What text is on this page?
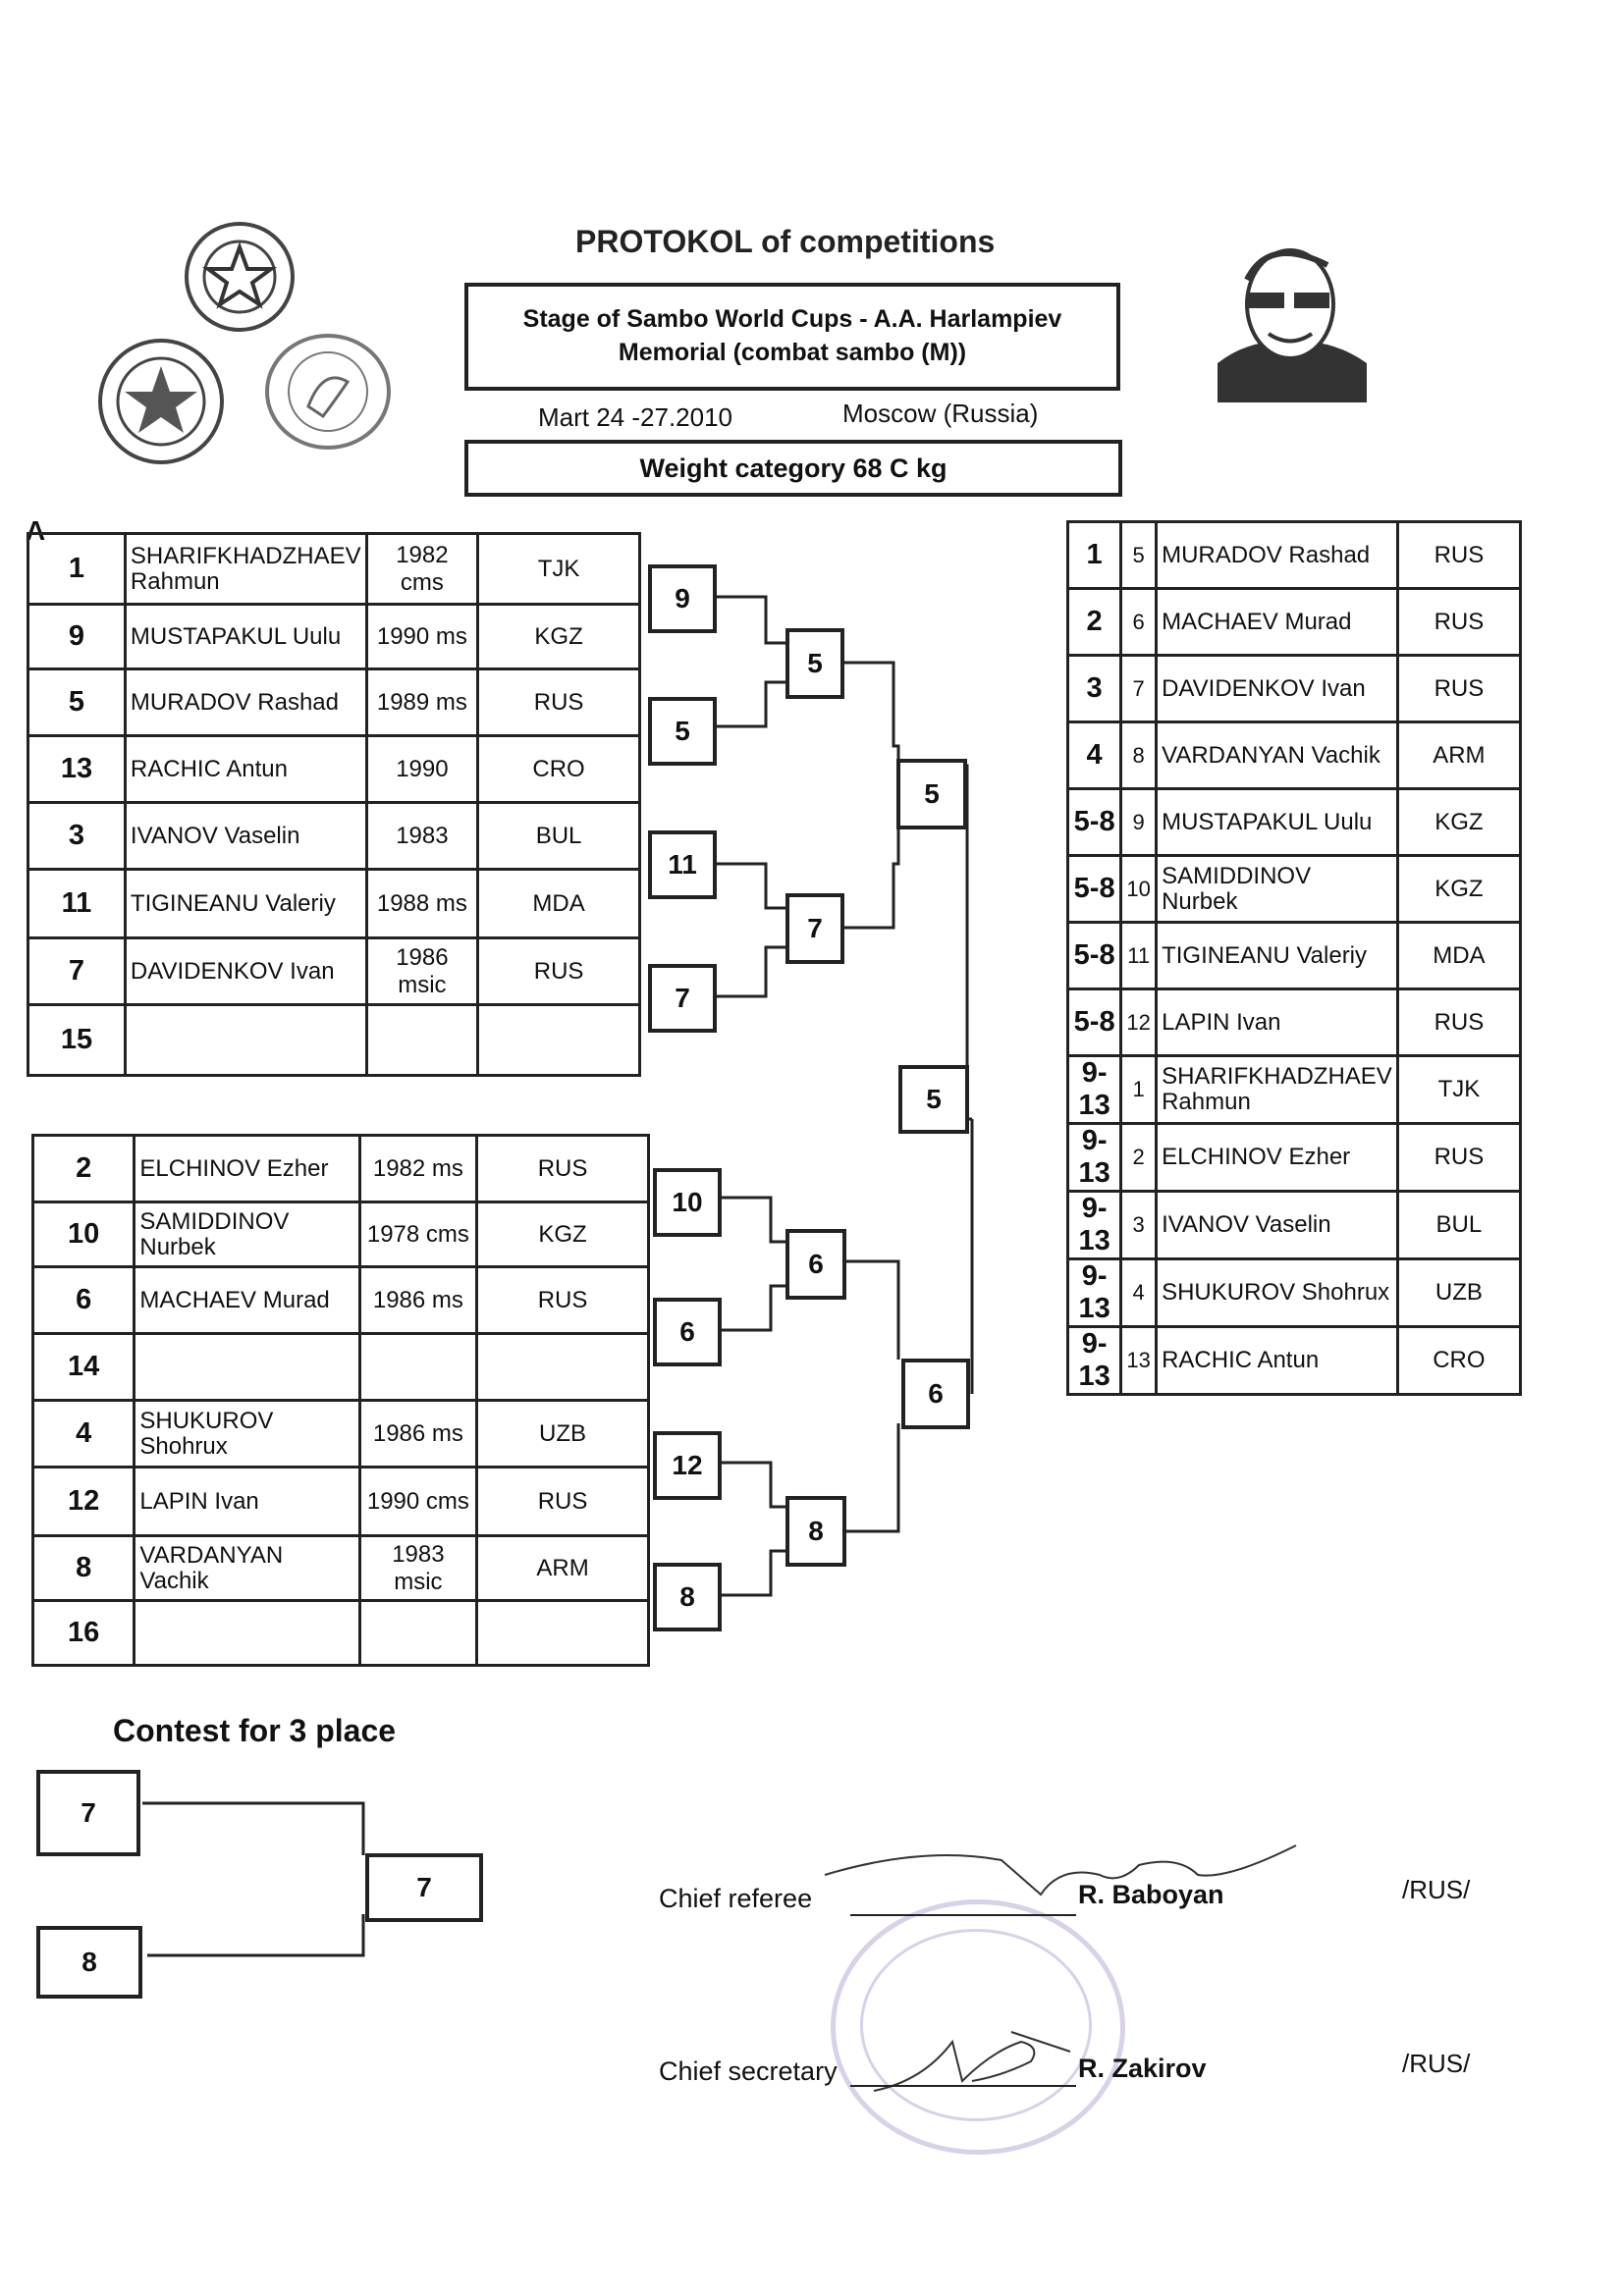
PROTOKOL of competitions
Stage of Sambo World Cups - A.A. Harlampiev
Memorial (combat sambo (M))
Mart 24 -27.2010	Moscow (Russia)
Weight category 68 C kg
A
1	SHARIFKHADZHAEV Rahmun	1982 cms	TJK
9	MUSTAPAKUL Uulu	1990 ms	KGZ
5	MURADOV Rashad	1989 ms	RUS
13	RACHIC Antun	1990	CRO
3	IVANOV Vaselin	1983	BUL
11	TIGINEANU Valeriy	1988 ms	MDA
7	DAVIDENKOV Ivan	1986 msic	RUS
15			
2	ELCHINOV Ezher	1982 ms	RUS
10	SAMIDDINOV Nurbek	1978 cms	KGZ
6	MACHAEV Murad	1986 ms	RUS
14			
4	SHUKUROV Shohrux	1986 ms	UZB
12	LAPIN Ivan	1990 cms	RUS
8	VARDANYAN Vachik	1983 msic	ARM
16			
9
5
11
7
5
7
5
5
10
6
12
8
6
8
6
1	5	MURADOV Rashad	RUS
2	6	MACHAEV Murad	RUS
3	7	DAVIDENKOV Ivan	RUS
4	8	VARDANYAN Vachik	ARM
5-8	9	MUSTAPAKUL Uulu	KGZ
5-8	10	SAMIDDINOV Nurbek	KGZ
5-8	11	TIGINEANU Valeriy	MDA
5-8	12	LAPIN Ivan	RUS
9-13	1	SHARIFKHADZHAEV Rahmun	TJK
9-13	2	ELCHINOV Ezher	RUS
9-13	3	IVANOV Vaselin	BUL
9-13	4	SHUKUROV Shohrux	UZB
9-13	13	RACHIC Antun	CRO
Contest for 3 place
7
8
7	Chief referee	R. Baboyan	/RUS/
Chief secretary	R. Zakirov	/RUS/
